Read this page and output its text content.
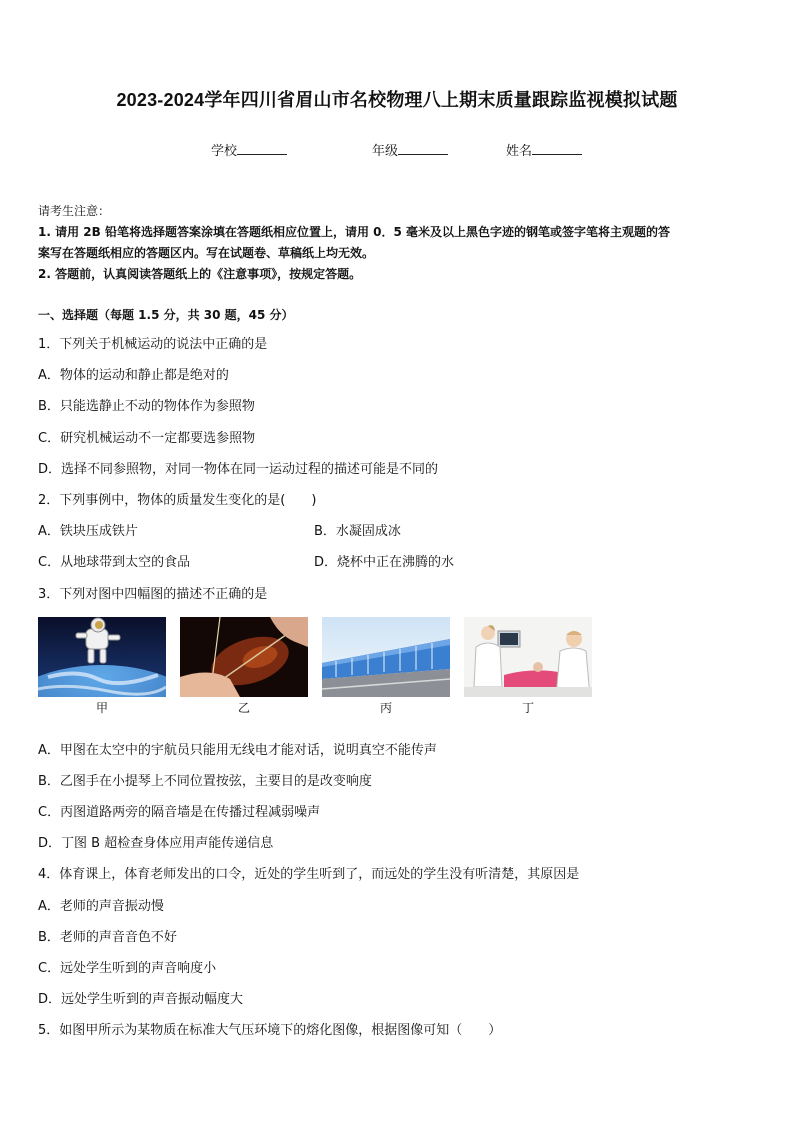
2023-2024学年四川省眉山市名校物理八上期末质量跟踪监视模拟试题
学校	年级	姓名
请考生注意：
1. 请用 2B 铅笔将选择题答案涂填在答题纸相应位置上，请用 0．5 毫米及以上黑色字迹的钢笔或签字笔将主观题的答
案写在答题纸相应的答题区内。写在试题卷、草稿纸上均无效。
2. 答题前，认真阅读答题纸上的《注意事项》，按规定答题。
一、选择题（每题 1.5 分，共 30 题，45 分）
1．下列关于机械运动的说法中正确的是
A．物体的运动和静止都是绝对的
B．只能选静止不动的物体作为参照物
C．研究机械运动不一定都要选参照物
D．选择不同参照物，对同一物体在同一运动过程的描述可能是不同的
2．下列事例中，物体的质量发生变化的是(　　)
A．铁块压成铁片	B．水凝固成冰
C．从地球带到太空的食品	D．烧杯中正在沸腾的水
3．下列对图中四幅图的描述不正确的是
甲	乙	丙	丁
A．甲图在太空中的宇航员只能用无线电才能对话，说明真空不能传声
B．乙图手在小提琴上不同位置按弦，主要目的是改变响度
C．丙图道路两旁的隔音墙是在传播过程减弱噪声
D．丁图 B 超检查身体应用声能传递信息
4．体育课上，体育老师发出的口令，近处的学生听到了，而远处的学生没有听清楚，其原因是
A．老师的声音振动慢
B．老师的声音音色不好
C．远处学生听到的声音响度小
D．远处学生听到的声音振动幅度大
5．如图甲所示为某物质在标准大气压环境下的熔化图像，根据图像可知（　　）
